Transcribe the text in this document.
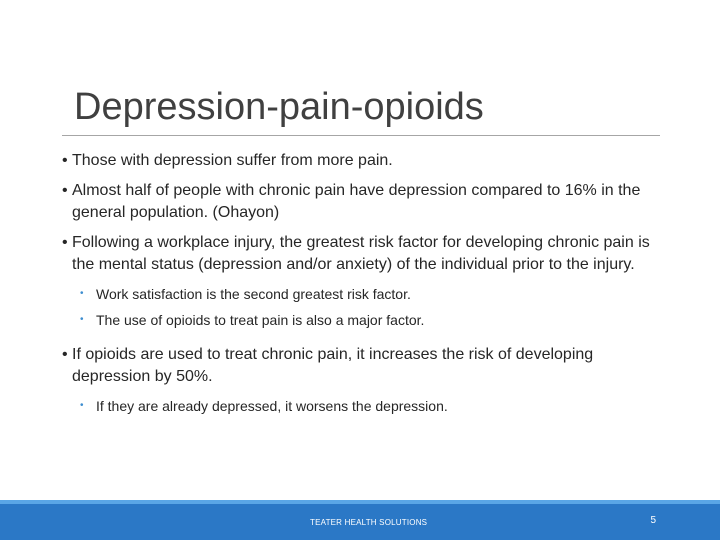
Depression-pain-opioids
• Those with depression suffer from more pain.
• Almost half of people with chronic pain have depression compared to 16% in the general population. (Ohayon)
• Following a workplace injury, the greatest risk factor for developing chronic pain is the mental status (depression and/or anxiety) of the individual prior to the injury.
• Work satisfaction is the second greatest risk factor.
• The use of opioids to treat pain is also a major factor.
• If opioids are used to treat chronic pain, it increases the risk of developing depression by 50%.
• If they are already depressed, it worsens the depression.
TEATER HEALTH SOLUTIONS	5
